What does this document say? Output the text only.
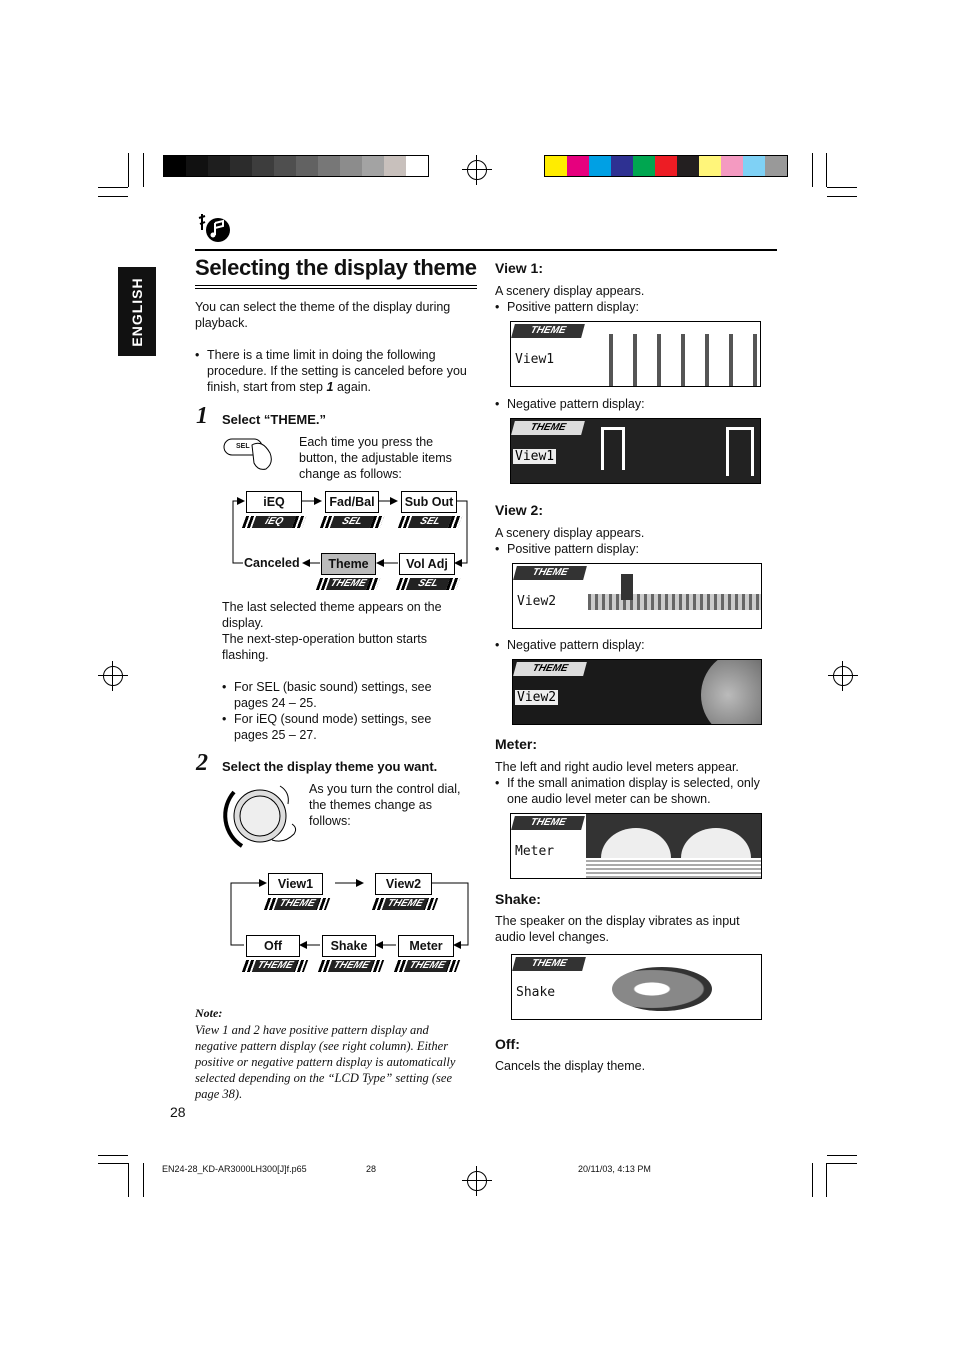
ENGLISH
Selecting the display theme
You can select the theme of the display during playback.
• There is a time limit in doing the following procedure. If the setting is canceled before you finish, start from step 1 again.
1 Select “THEME.”
SEL	Each time you press the button, the adjustable items change as follows:
iEQ	Fad/Bal	Sub Out
Vol Adj
Theme
Canceled
iEQ	SEL	SEL
SEL
THEME
The last selected theme appears on the display.
The next-step-operation button starts flashing.
• For SEL (basic sound) settings, see pages 24 – 25.
• For iEQ (sound mode) settings, see pages 25 – 27.
2 Select the display theme you want.
As you turn the control dial, the themes change as follows:
View1	View2
Meter
Shake
Off
THEME	THEME
THEME
THEME
THEME
Note:
View 1 and 2 have positive pattern display and negative pattern display (see right column). Either positive or negative pattern display is automatically selected depending on the “LCD Type” setting (see page 38).
28
View 1:
A scenery display appears.
• Positive pattern display:
THEME
View1
• Negative pattern display:
THEME
View1
View 2:
A scenery display appears.
• Positive pattern display:
THEME
View2
• Negative pattern display:
THEME
View2
Meter:
The left and right audio level meters appear.
• If the small animation display is selected, only one audio level meter can be shown.
THEME
Meter
Shake:
The speaker on the display vibrates as input audio level changes.
THEME
Shake
Off:
Cancels the display theme.
EN24-28_KD-AR3000LH300[J]f.p65	28	20/11/03, 4:13 PM
